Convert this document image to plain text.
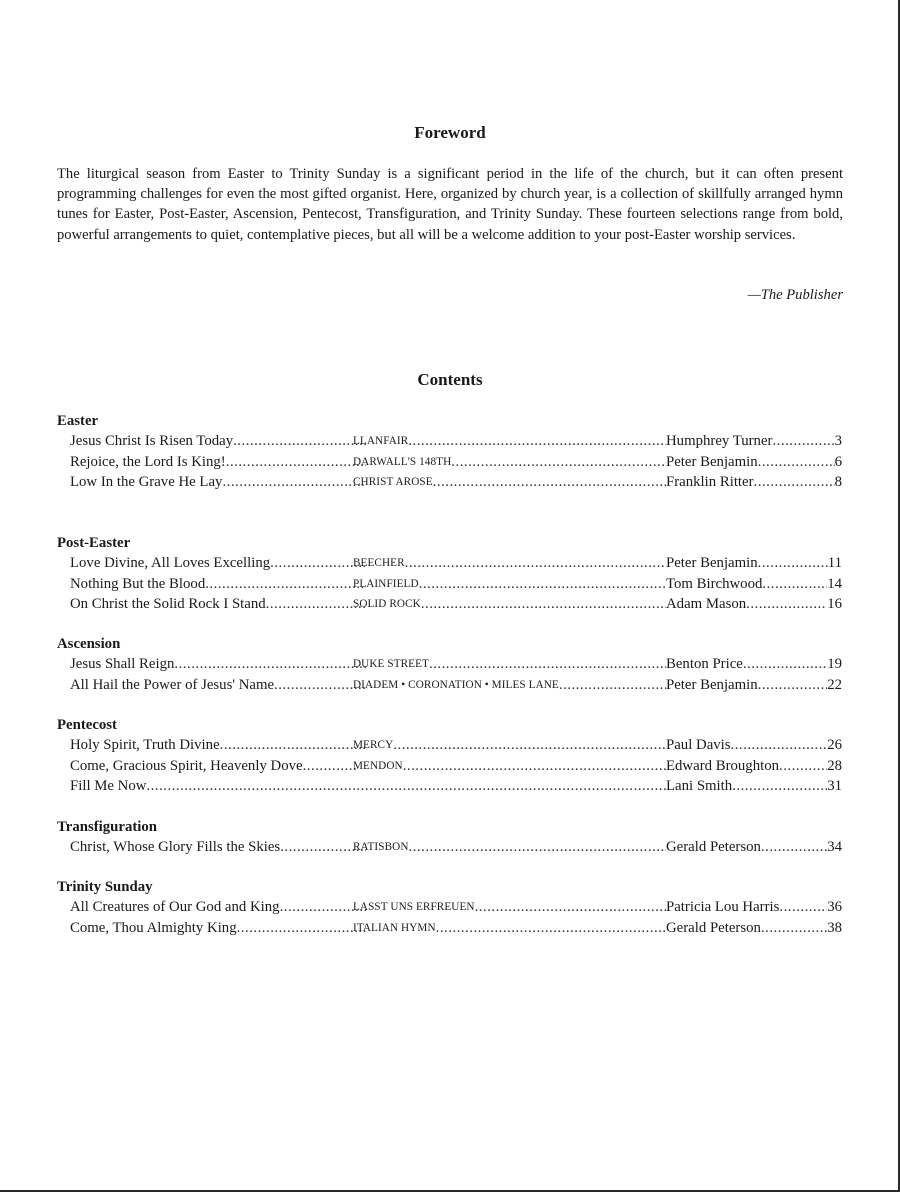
Foreword

The liturgical season from Easter to Trinity Sunday is a significant period in the life of the church, but it can often present programming challenges for even the most gifted organist. Here, organized by church year, is a collection of skillfully arranged hymn tunes for Easter, Post-Easter, Ascension, Pentecost, Transfiguration, and Trinity Sunday. These fourteen selections range from bold, powerful arrangements to quiet, contemplative pieces, but all will be a welcome addition to your post-Easter worship services.

—The Publisher
Contents
Easter
Jesus Christ Is Risen Today .....	LLANFAIR .....	Humphrey Turner .....	3
Rejoice, the Lord Is King! .....	DARWALL'S 148TH .....	Peter Benjamin .....	6
Low In the Grave He Lay .....	CHRIST AROSE .....	Franklin Ritter .....	8
Post-Easter
Love Divine, All Loves Excelling .....	BEECHER .....	Peter Benjamin .....	11
Nothing But the Blood .....	PLAINFIELD .....	Tom Birchwood .....	14
On Christ the Solid Rock I Stand .....	SOLID ROCK .....	Adam Mason .....	16
Ascension
Jesus Shall Reign .....	DUKE STREET .....	Benton Price .....	19
All Hail the Power of Jesus' Name .....	DIADEM • CORONATION • MILES LANE .....	Peter Benjamin .....	22
Pentecost
Holy Spirit, Truth Divine .....	MERCY .....	Paul Davis .....	26
Come, Gracious Spirit, Heavenly Dove .....	MENDON .....	Edward Broughton .....	28
Fill Me Now .....	Lani Smith .....	31
Transfiguration
Christ, Whose Glory Fills the Skies .....	RATISBON .....	Gerald Peterson .....	34
Trinity Sunday
All Creatures of Our God and King .....	LASST UNS ERFREUEN .....	Patricia Lou Harris .....	36
Come, Thou Almighty King .....	ITALIAN HYMN .....	Gerald Peterson .....	38
